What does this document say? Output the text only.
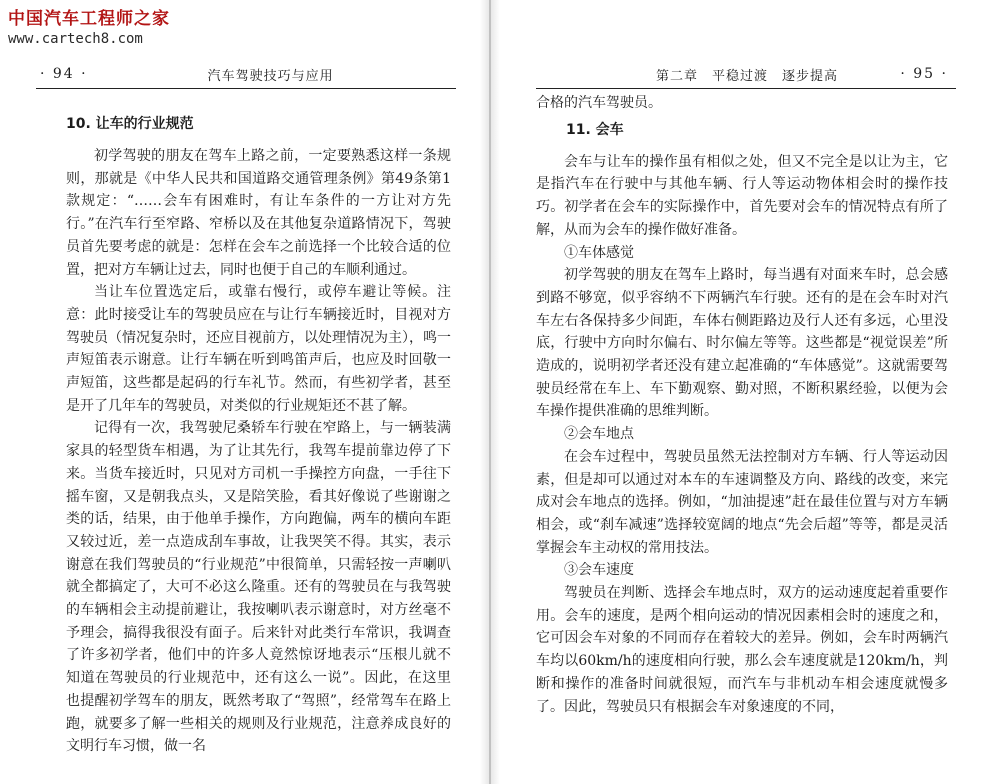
中国汽车工程师之家
www.cartech8.com
· 94 ·	汽车驾驶技巧与应用
10. 让车的行业规范

初学驾驶的朋友在驾车上路之前，一定要熟悉这样一条规则，那就是《中华人民共和国道路交通管理条例》第49条第1款规定：“……会车有困难时，有让车条件的一方让对方先行。”在汽车行至窄路、窄桥以及在其他复杂道路情况下，驾驶员首先要考虑的就是：怎样在会车之前选择一个比较合适的位置，把对方车辆让过去，同时也便于自己的车顺利通过。

当让车位置选定后，或靠右慢行，或停车避让等候。注意：此时接受让车的驾驶员应在与让行车辆接近时，目视对方驾驶员（情况复杂时，还应目视前方，以处理情况为主），鸣一声短笛表示谢意。让行车辆在听到鸣笛声后，也应及时回敬一声短笛，这些都是起码的行车礼节。然而，有些初学者，甚至是开了几年车的驾驶员，对类似的行业规矩还不甚了解。

记得有一次，我驾驶尼桑轿车行驶在窄路上，与一辆装满家具的轻型货车相遇，为了让其先行，我驾车提前靠边停了下来。当货车接近时，只见对方司机一手操控方向盘，一手往下摇车窗，又是朝我点头，又是陪笑脸，看其好像说了些谢谢之类的话，结果，由于他单手操作，方向跑偏，两车的横向车距又较过近，差一点造成刮车事故，让我哭笑不得。其实，表示谢意在我们驾驶员的“行业规范”中很简单，只需轻按一声喇叭就全都搞定了，大可不必这么隆重。还有的驾驶员在与我驾驶的车辆相会主动提前避让，我按喇叭表示谢意时，对方丝毫不予理会，搞得我很没有面子。后来针对此类行车常识，我调查了许多初学者，他们中的许多人竟然惊讶地表示“压根儿就不知道在驾驶员的行业规范中，还有这么一说”。因此，在这里也提醒初学驾车的朋友，既然考取了“驾照”，经常驾车在路上跑，就要多了解一些相关的规则及行业规范，注意养成良好的文明行车习惯，做一名

第二章　平稳过渡　逐步提高	· 95 ·

合格的汽车驾驶员。

11. 会车

会车与让车的操作虽有相似之处，但又不完全是以让为主，它是指汽车在行驶中与其他车辆、行人等运动物体相会时的操作技巧。初学者在会车的实际操作中，首先要对会车的情况特点有所了解，从而为会车的操作做好准备。

①车体感觉

初学驾驶的朋友在驾车上路时，每当遇有对面来车时，总会感到路不够宽，似乎容纳不下两辆汽车行驶。还有的是在会车时对汽车左右各保持多少间距，车体右侧距路边及行人还有多远，心里没底，行驶中方向时尔偏右、时尔偏左等等。这些都是“视觉误差”所造成的，说明初学者还没有建立起准确的“车体感觉”。这就需要驾驶员经常在车上、车下勤观察、勤对照，不断积累经验，以便为会车操作提供准确的思维判断。

②会车地点

在会车过程中，驾驶员虽然无法控制对方车辆、行人等运动因素，但是却可以通过对本车的车速调整及方向、路线的改变，来完成对会车地点的选择。例如，“加油提速”赶在最佳位置与对方车辆相会，或“刹车减速”选择较宽阔的地点“先会后超”等等，都是灵活掌握会车主动权的常用技法。

③会车速度

驾驶员在判断、选择会车地点时，双方的运动速度起着重要作用。会车的速度，是两个相向运动的情况因素相会时的速度之和，它可因会车对象的不同而存在着较大的差异。例如，会车时两辆汽车均以60km/h的速度相向行驶，那么会车速度就是120km/h，判断和操作的准备时间就很短，而汽车与非机动车相会速度就慢多了。因此，驾驶员只有根据会车对象速度的不同，
